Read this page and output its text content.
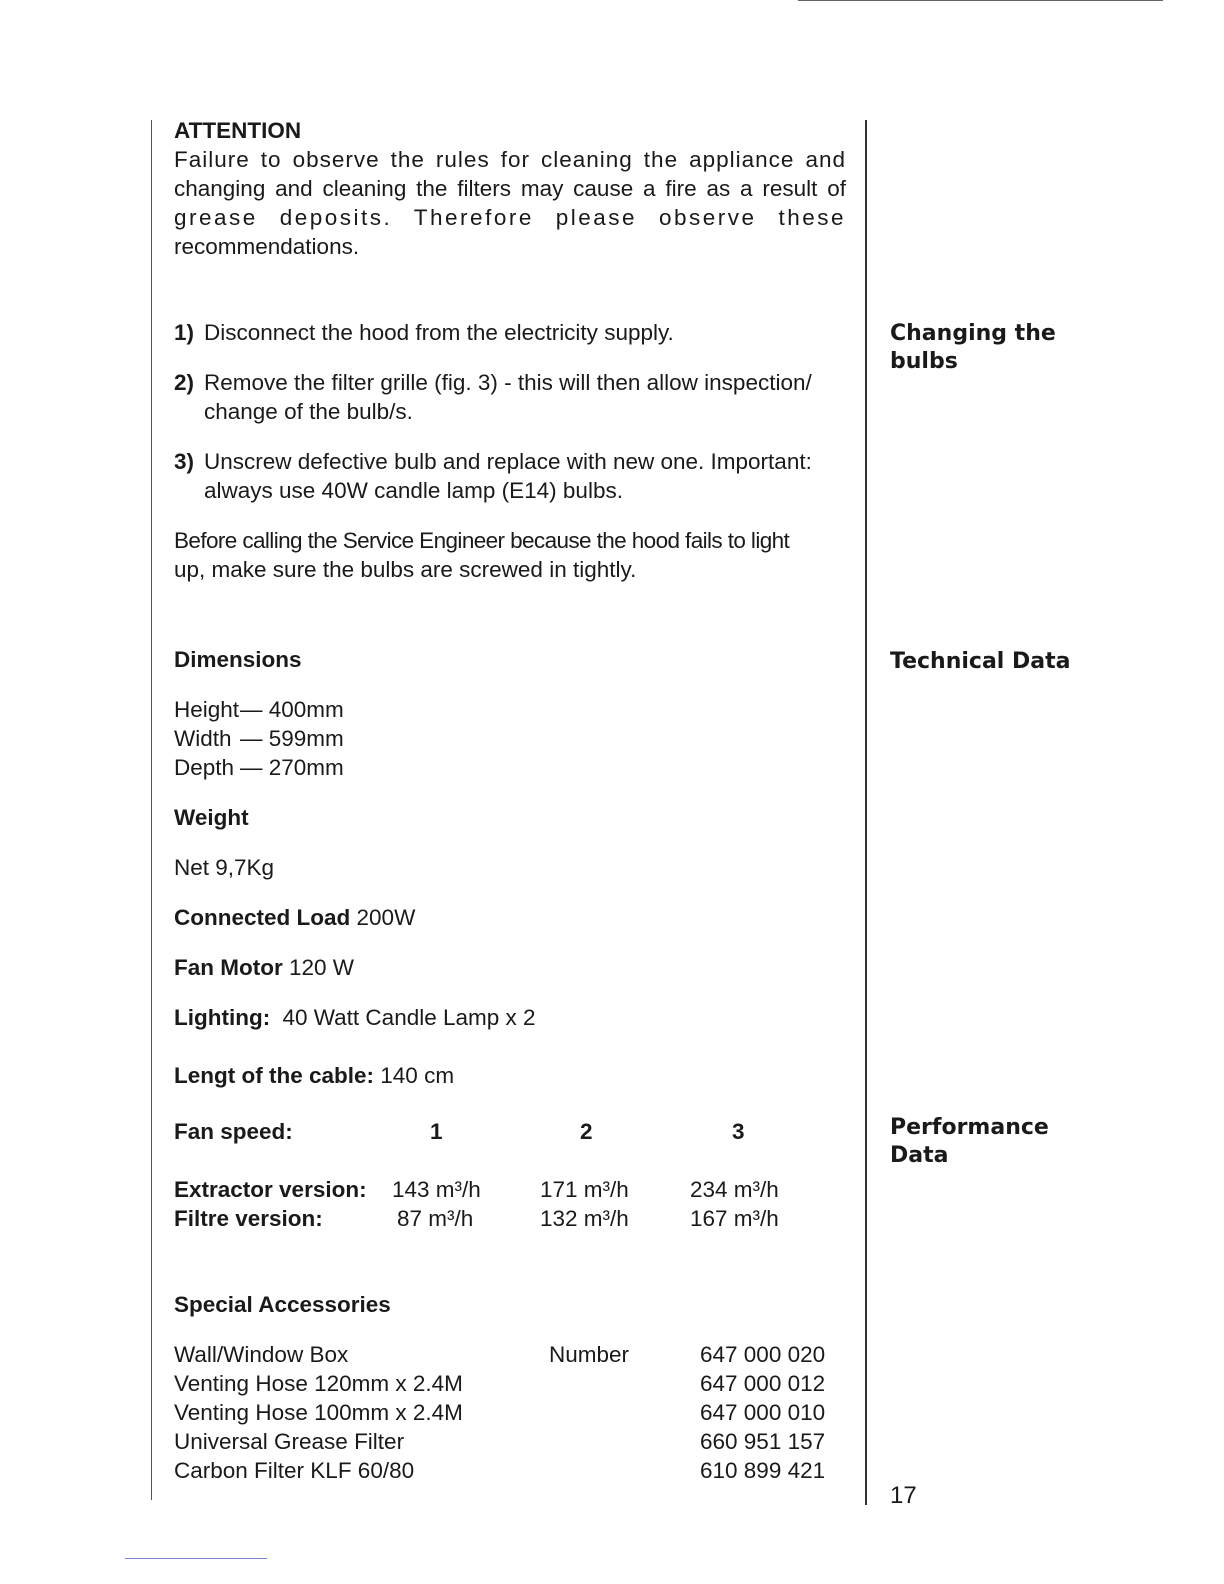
ATTENTION
Failure to observe the rules for cleaning the appliance and
changing and cleaning the filters may cause a fire as a result of
grease deposits. Therefore please observe these
recommendations.
Changing the
bulbs
1) Disconnect the hood from the electricity supply.
2) Remove the filter grille (fig. 3) - this will then allow inspection/
change of the bulb/s.
3) Unscrew defective bulb and replace with new one. Important:
always use 40W candle lamp (E14) bulbs.
Before calling the Service Engineer because the hood fails to light
up, make sure the bulbs are screwed in tightly.
Technical Data
Dimensions
Height — 400mm
Width — 599mm
Depth — 270mm
Weight
Net 9,7Kg
Connected Load 200W
Fan Motor 120 W
Lighting: 40 Watt Candle Lamp x 2
Lengt of the cable: 140 cm
Performance
Data
Fan speed:	1	2	3
Extractor version: 143 m³/h	171 m³/h	234 m³/h
Filtre version:	87 m³/h	132 m³/h	167 m³/h
Special Accessories
Wall/Window Box	Number	647 000 020
Venting Hose 120mm x 2.4M	647 000 012
Venting Hose 100mm x 2.4M	647 000 010
Universal Grease Filter	660 951 157
Carbon Filter KLF 60/80	610 899 421
17
